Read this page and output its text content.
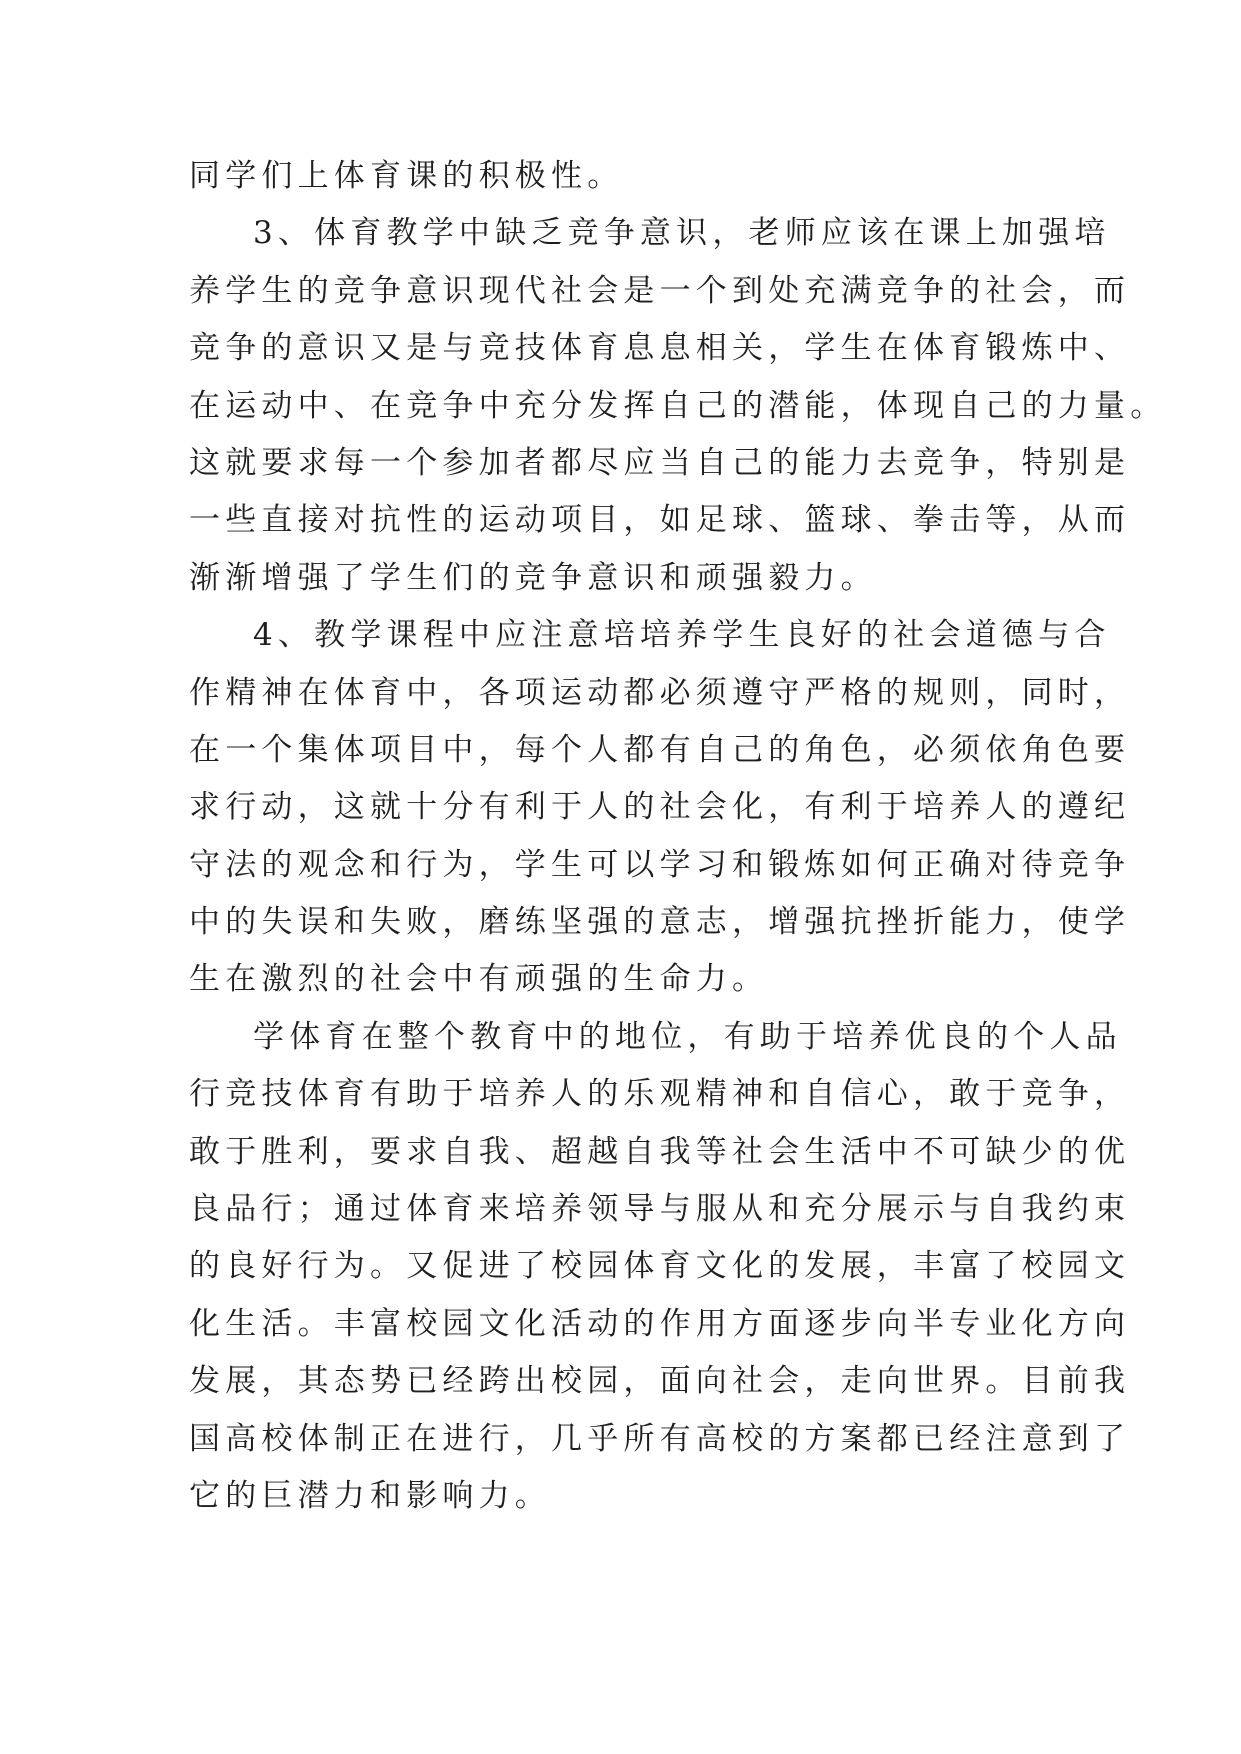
同学们上体育课的积极性。
3、体育教学中缺乏竞争意识，老师应该在课上加强培
养学生的竞争意识现代社会是一个到处充满竞争的社会，而
竞争的意识又是与竞技体育息息相关，学生在体育锻炼中、
在运动中、在竞争中充分发挥自己的潜能，体现自己的力量。
这就要求每一个参加者都尽应当自己的能力去竞争，特别是
一些直接对抗性的运动项目，如足球、篮球、拳击等，从而
渐渐增强了学生们的竞争意识和顽强毅力。
4、教学课程中应注意培培养学生良好的社会道德与合
作精神在体育中，各项运动都必须遵守严格的规则，同时，
在一个集体项目中，每个人都有自己的角色，必须依角色要
求行动，这就十分有利于人的社会化，有利于培养人的遵纪
守法的观念和行为，学生可以学习和锻炼如何正确对待竞争
中的失误和失败，磨练坚强的意志，增强抗挫折能力，使学
生在激烈的社会中有顽强的生命力。
学体育在整个教育中的地位，有助于培养优良的个人品
行竞技体育有助于培养人的乐观精神和自信心，敢于竞争，
敢于胜利，要求自我、超越自我等社会生活中不可缺少的优
良品行；通过体育来培养领导与服从和充分展示与自我约束
的良好行为。又促进了校园体育文化的发展，丰富了校园文
化生活。丰富校园文化活动的作用方面逐步向半专业化方向
发展，其态势已经跨出校园，面向社会，走向世界。目前我
国高校体制正在进行，几乎所有高校的方案都已经注意到了
它的巨潜力和影响力。
